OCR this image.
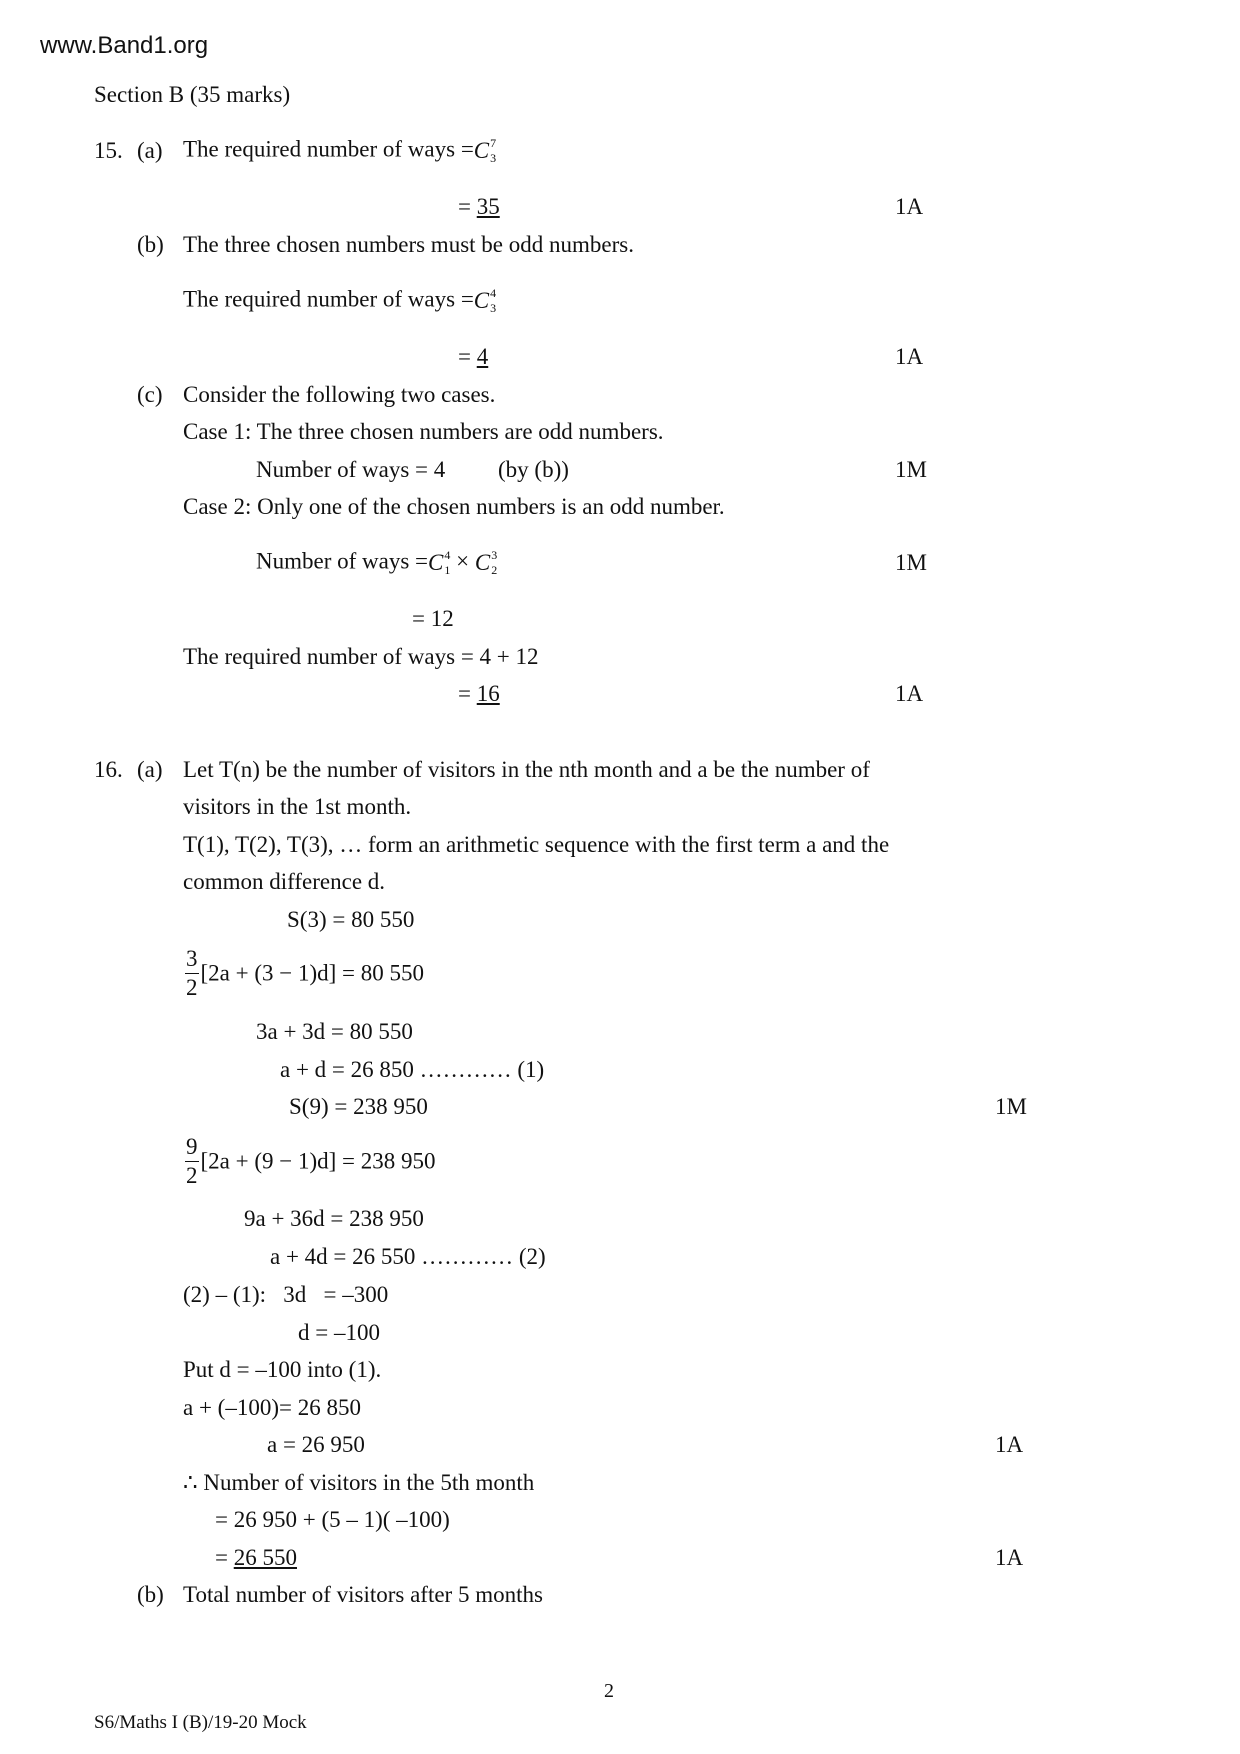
www.Band1.org
Section B (35 marks)
15. (a) The required number of ways =C 7
3
= 35	1A
(b) The three chosen numbers must be odd numbers.
The required number of ways =C 4
3
= 4	1A
(c) Consider the following two cases.
Case 1: The three chosen numbers are odd numbers.
Number of ways = 4 (by (b))	1M
Case 2: Only one of the chosen numbers is an odd number.
Number of ways =C 4
1 × C 3
2	1M
= 12
The required number of ways = 4 + 12
= 16	1A
16. (a) Let T(n) be the number of visitors in the nth month and a be the number of
visitors in the 1st month.
T(1), T(2), T(3), … form an arithmetic sequence with the first term a and the
common difference d.
S(3) = 80 550
$\frac{3}{2} [2a + (3 - 1)d] = 80$ 550
3a + 3d = 80 550
a + d = 26 850 ………… (1)
S(9) = 238 950	1M
$\frac{9}{2} [2a + (9 - 1)d] = 238$ 950
9a + 36d = 238 950
a + 4d = 26 550 ………… (2)
(2) – (1):   3d   = –300
d = –100
Put d = –100 into (1).
a + (–100)= 26 850
a = 26 950	1A
∴ Number of visitors in the 5th month
= 26 950 + (5 – 1)( –100)
= 26 550	1A
(b) Total number of visitors after 5 months
2
S6/Maths I (B)/19-20 Mock
